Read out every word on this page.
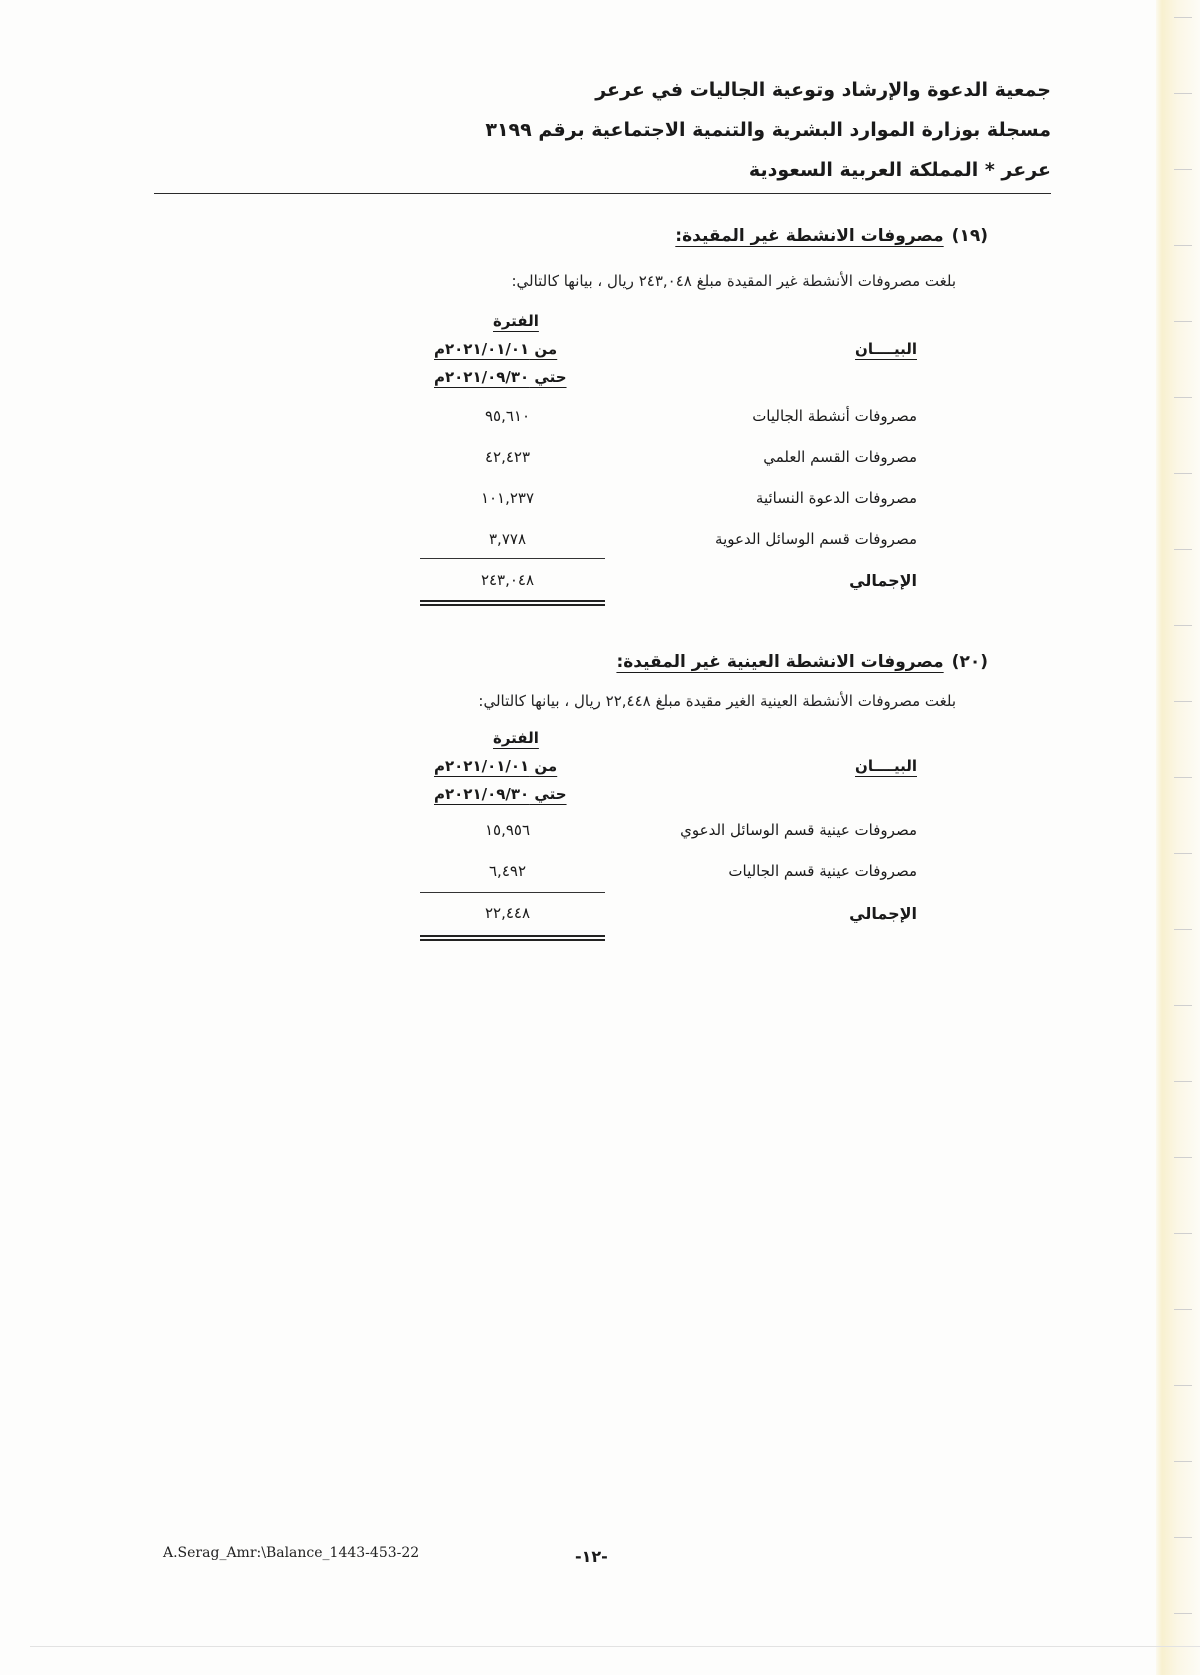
جمعية الدعوة والإرشاد وتوعية الجاليات في عرعر
مسجلة بوزارة الموارد البشرية والتنمية الاجتماعية برقم ٣١٩٩
عرعر * المملكة العربية السعودية
(١٩)مصروفات الانشطة غير المقيدة:
بلغت مصروفات الأنشطة غير المقيدة مبلغ ٢٤٣,٠٤٨ ريال ، بيانها كالتالي:
الفترة
البيــــان
من ٢٠٢١/٠١/٠١م
حتي ٢٠٢١/٠٩/٣٠م
مصروفات أنشطة الجاليات
٩٥,٦١٠
مصروفات القسم العلمي
٤٢,٤٢٣
مصروفات الدعوة النسائية
١٠١,٢٣٧
مصروفات قسم الوسائل الدعوية
٣,٧٧٨
الإجمالي
٢٤٣,٠٤٨
(٢٠)مصروفات الانشطة العينية غير المقيدة:
بلغت مصروفات الأنشطة العينية الغير مقيدة مبلغ ٢٢,٤٤٨ ريال ، بيانها كالتالي:
الفترة
البيــــان
من ٢٠٢١/٠١/٠١م
حتي ٢٠٢١/٠٩/٣٠م
مصروفات عينية قسم الوسائل الدعوي
١٥,٩٥٦
مصروفات عينية قسم الجاليات
٦,٤٩٢
الإجمالي
٢٢,٤٤٨
A.Serag_Amr:\Balance_1443-453-22	-١٢-
